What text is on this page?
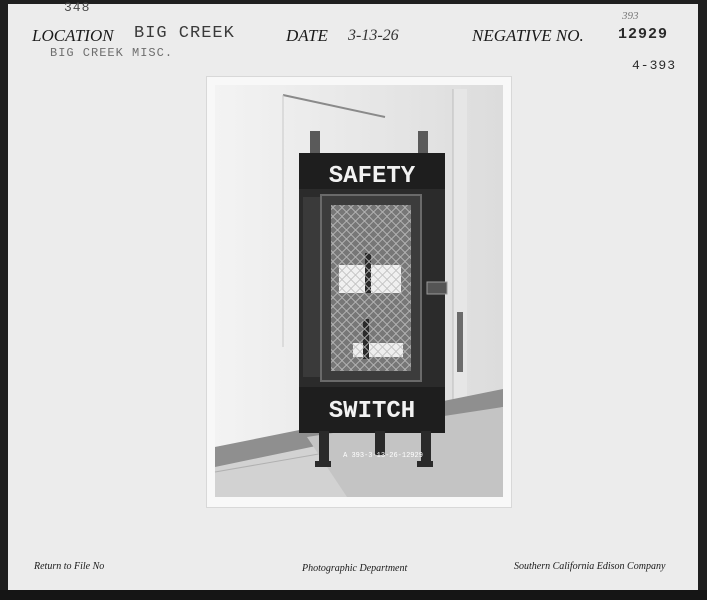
348
LOCATION BIG CREEK
BIG CREEK MISC.
DATE 3-13-26	NEGATIVE NO.
393
12929
4-393
SAFETY
SWITCH
A 393-3-13-26-12929
Return to File No	Photographic Department	Southern California Edison Company
